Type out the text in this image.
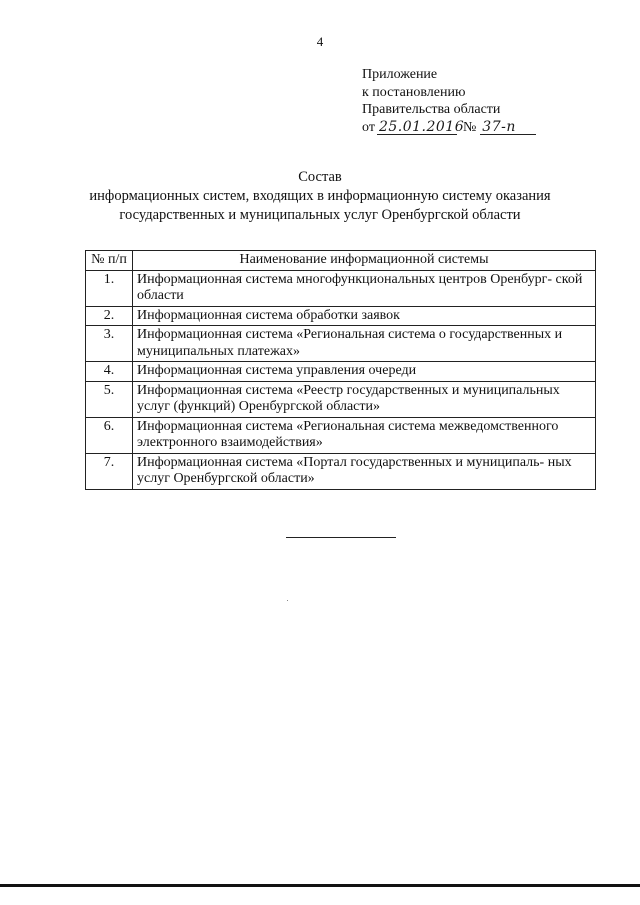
4
Приложение
к постановлению
Правительства области
от 25.01.2016
№ 37-п
Состав
информационных систем, входящих в информационную систему оказания
государственных и муниципальных услуг Оренбургской области
№ п/п	Наименование информационной системы
1.	Информационная система многофункциональных центров Оренбург- ской области
2.	Информационная система обработки заявок
3.	Информационная система «Региональная система о государственных и муниципальных платежах»
4.	Информационная система управления очереди
5.	Информационная система «Реестр государственных и муниципальных услуг (функций) Оренбургской области»
6.	Информационная система «Региональная система межведомственного электронного взаимодействия»
7.	Информационная система «Портал государственных и муниципаль- ных услуг Оренбургской области»
